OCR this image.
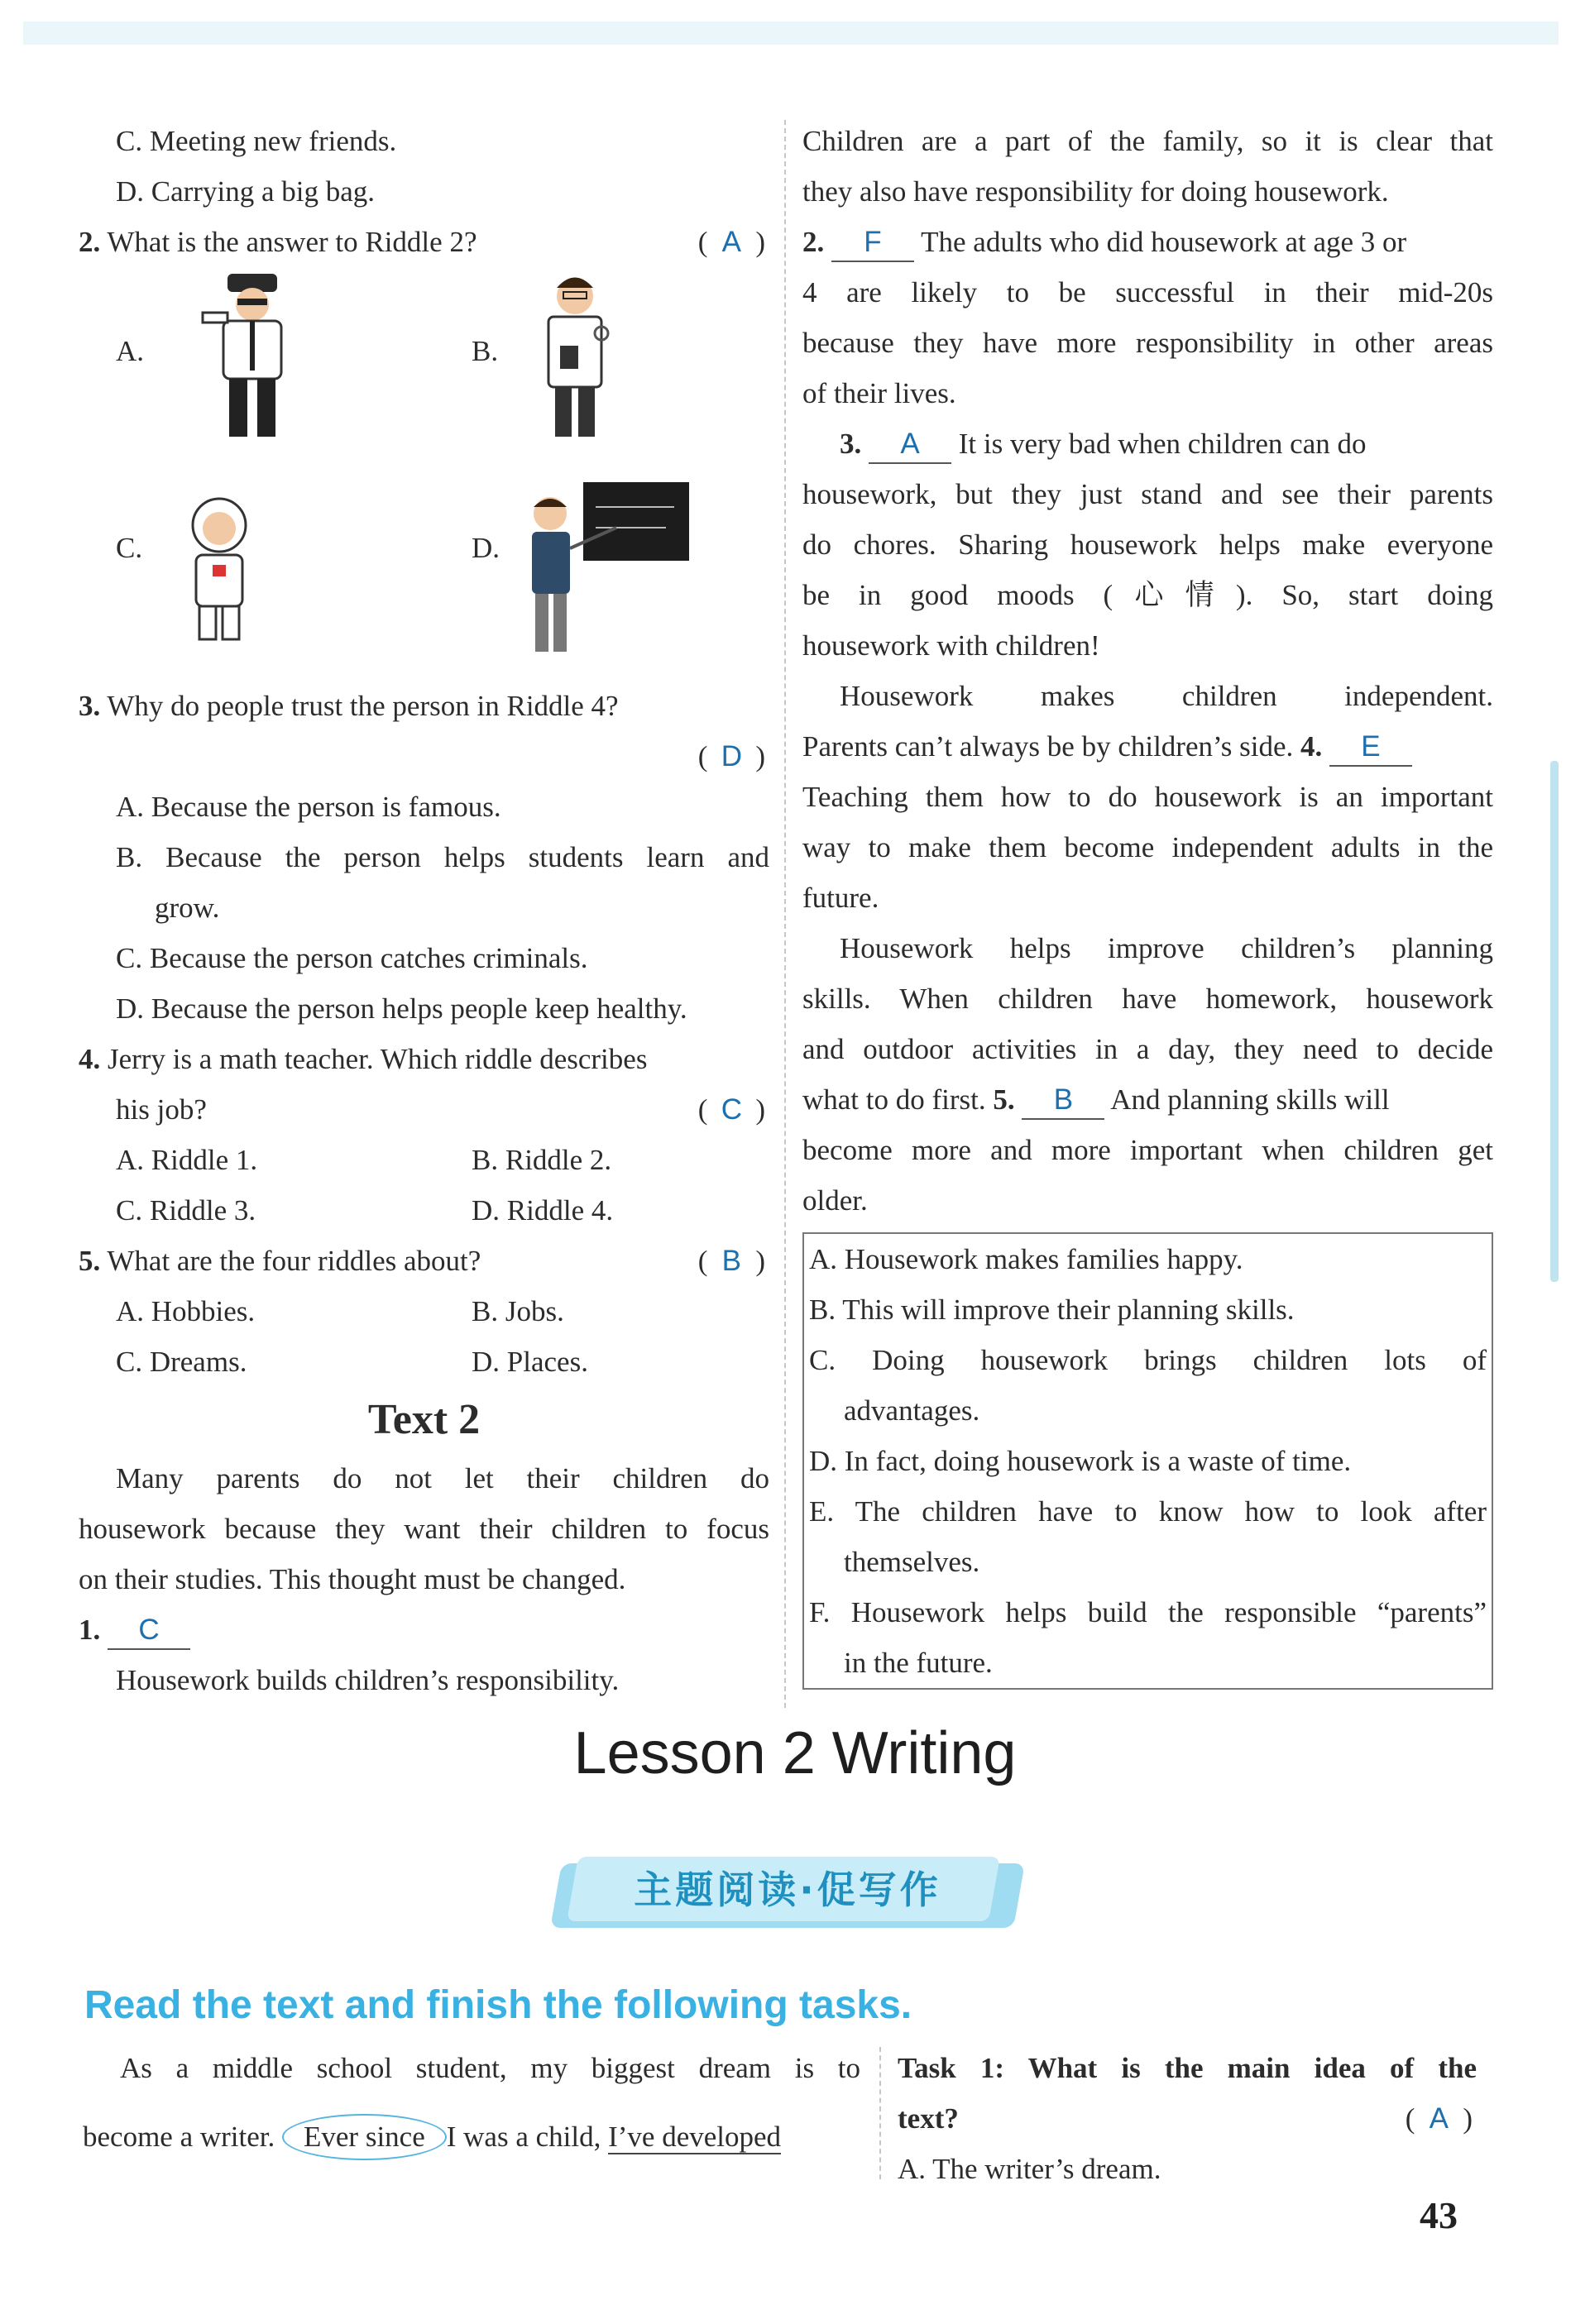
C. Meeting new friends.
D. Carrying a big bag.
2. What is the answer to Riddle 2?	( A )
A.	B.
C.	D.
3. Why do people trust the person in Riddle 4?
( D )
A. Because the person is famous.
B. Because the person helps students learn and
grow.
C. Because the person catches criminals.
D. Because the person helps people keep healthy.
4. Jerry is a math teacher. Which riddle describes
his job?	( C )
A. Riddle 1.	B. Riddle 2.
C. Riddle 3.	D. Riddle 4.
5. What are the four riddles about?	( B )
A. Hobbies.	B. Jobs.
C. Dreams.	D. Places.
Text 2
Many parents do not let their children do
housework because they want their children to focus
on their studies. This thought must be changed.
1. C
Housework builds children’s responsibility.
Children are a part of the family, so it is clear that
they also have responsibility for doing housework.
2. F The adults who did housework at age 3 or
4 are likely to be successful in their mid-20s
because they have more responsibility in other areas
of their lives.
3. A It is very bad when children can do
housework, but they just stand and see their parents
do chores. Sharing housework helps make everyone
be in good moods (心情). So, start doing
housework with children!
Housework makes children independent.
Parents can’t always be by children’s side. 4. E
Teaching them how to do housework is an important
way to make them become independent adults in the
future.
Housework helps improve children’s planning
skills. When children have homework, housework
and outdoor activities in a day, they need to decide
what to do first. 5. B And planning skills will
become more and more important when children get
older.
A. Housework makes families happy.
B. This will improve their planning skills.
C. Doing housework brings children lots of
advantages.
D. In fact, doing housework is a waste of time.
E. The children have to know how to look after
themselves.
F. Housework helps build the responsible “parents”
in the future.
Lesson 2 Writing
主题阅读·促写作
Read the text and finish the following tasks.
As a middle school student, my biggest dream is to
become a writer. Ever since I was a child, I’ve developed
Task 1: What is the main idea of the
text?	( A )
A. The writer’s dream.
43
